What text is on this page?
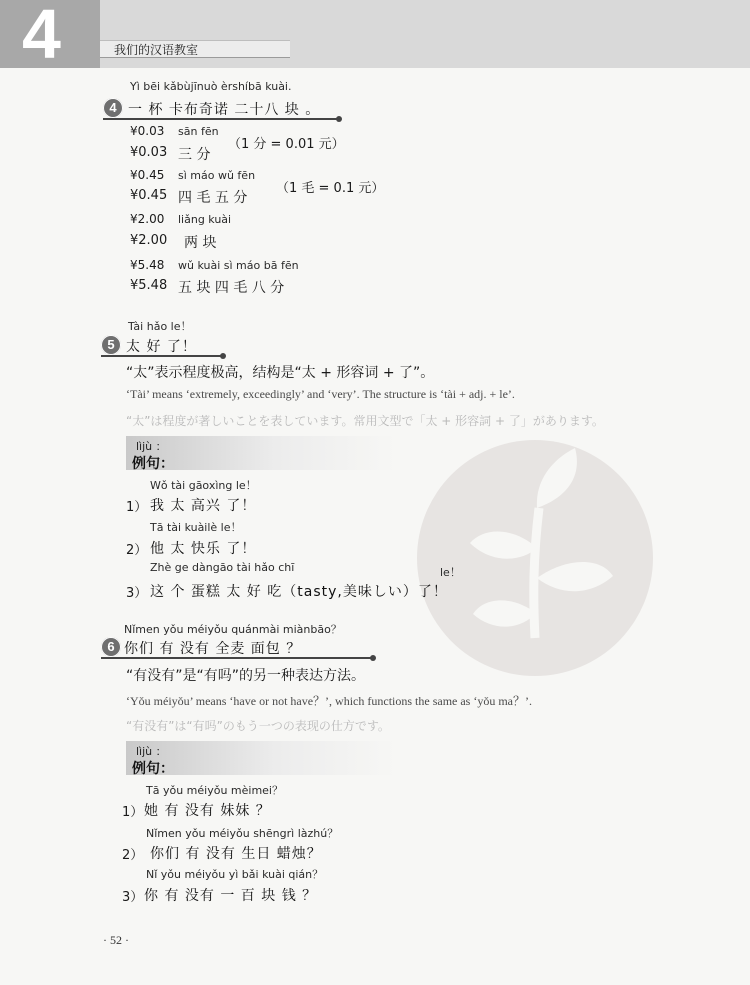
4	我们的汉语教室
Yì bēi kǎbùjīnuò èrshíbā kuài.
4 一 杯 卡布奇诺 二十八 块 。
¥0.03 sān fēn
¥0.03 三 分
（1 分 = 0.01 元）
¥0.45 sì máo wǔ fēn
¥0.45 四 毛 五 分
（1 毛 = 0.1 元）
¥2.00 liǎng kuài
¥2.00 两 块
¥5.48 wǔ kuài sì máo bā fēn
¥5.48 五 块 四 毛 八 分
Tài hǎo le！
5 太 好 了！
“太”表示程度极高，结构是“太 + 形容词 + 了”。
‘Tài’ means ‘extremely, exceedingly’ and ‘very’. The structure is ‘tài + adj. + le’.
“太”は程度が著しいことを表しています。常用文型で「太 + 形容詞 + 了」があります。
lìjù ：
例句：
Wǒ tài gāoxìng le！
1） 我 太 高兴 了！
Tā tài kuàilè le！
2） 他 太 快乐 了！
Zhè ge dàngāo tài hǎo chī	le！
3） 这 个 蛋糕 太 好 吃（tasty,美味しい）了！
Nǐmen yǒu méiyǒu quánmài miànbāo？
6 你们 有 没有 全麦 面包 ？
“有没有”是“有吗”的另一种表达方法。
‘Yǒu méiyǒu’ means ‘have or not have？’, which functions the same as ‘yǒu ma？’.
“有没有”は“有吗”のもう一つの表现の仕方です。
lìjù ：
例句：
Tā yǒu méiyǒu mèimei？
1） 她 有 没有 妹妹 ？
Nǐmen yǒu méiyǒu shēngrì làzhú？
2） 你们 有 没有 生日 蜡烛？
Nǐ yǒu méiyǒu yì bǎi kuài qián？
3） 你 有 没有 一 百 块 钱 ？
· 52 ·
